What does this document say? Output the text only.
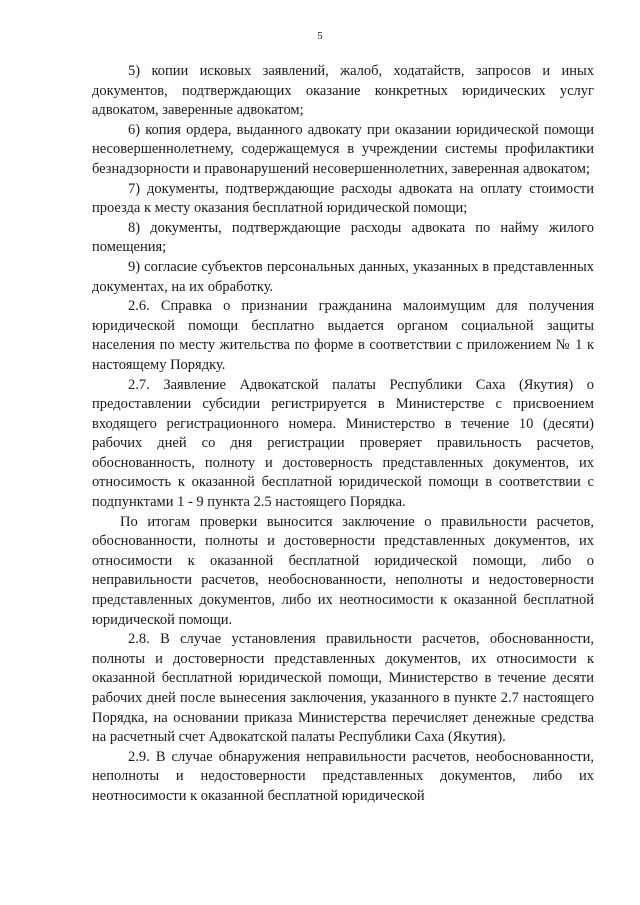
5

5) копии исковых заявлений, жалоб, ходатайств, запросов и иных документов, подтверждающих оказание конкретных юридических услуг адвокатом, заверенные адвокатом;

6) копия ордера, выданного адвокату при оказании юридической помощи несовершеннолетнему, содержащемуся в учреждении системы профилактики безнадзорности и правонарушений несовершеннолетних, заверенная адвокатом;

7) документы, подтверждающие расходы адвоката на оплату стоимости проезда к месту оказания бесплатной юридической помощи;

8) документы, подтверждающие расходы адвоката по найму жилого помещения;

9) согласие субъектов персональных данных, указанных в представленных документах, на их обработку.

2.6. Справка о признании гражданина малоимущим для получения юридической помощи бесплатно выдается органом социальной защиты населения по месту жительства по форме в соответствии с приложением № 1 к настоящему Порядку.

2.7. Заявление Адвокатской палаты Республики Саха (Якутия) о предоставлении субсидии регистрируется в Министерстве с присвоением входящего регистрационного номера. Министерство в течение 10 (десяти) рабочих дней со дня регистрации проверяет правильность расчетов, обоснованность, полноту и достоверность представленных документов, их относимость к оказанной бесплатной юридической помощи в соответствии с подпунктами 1 - 9 пункта 2.5 настоящего Порядка.

По итогам проверки выносится заключение о правильности расчетов, обоснованности, полноты и достоверности представленных документов, их относимости к оказанной бесплатной юридической помощи, либо о неправильности расчетов, необоснованности, неполноты и недостоверности представленных документов, либо их неотносимости к оказанной бесплатной юридической помощи.

2.8. В случае установления правильности расчетов, обоснованности, полноты и достоверности представленных документов, их относимости к оказанной бесплатной юридической помощи, Министерство в течение десяти рабочих дней после вынесения заключения, указанного в пункте 2.7 настоящего Порядка, на основании приказа Министерства перечисляет денежные средства на расчетный счет Адвокатской палаты Республики Саха (Якутия).

2.9. В случае обнаружения неправильности расчетов, необоснованности, неполноты и недостоверности представленных документов, либо их неотносимости к оказанной бесплатной юридической
